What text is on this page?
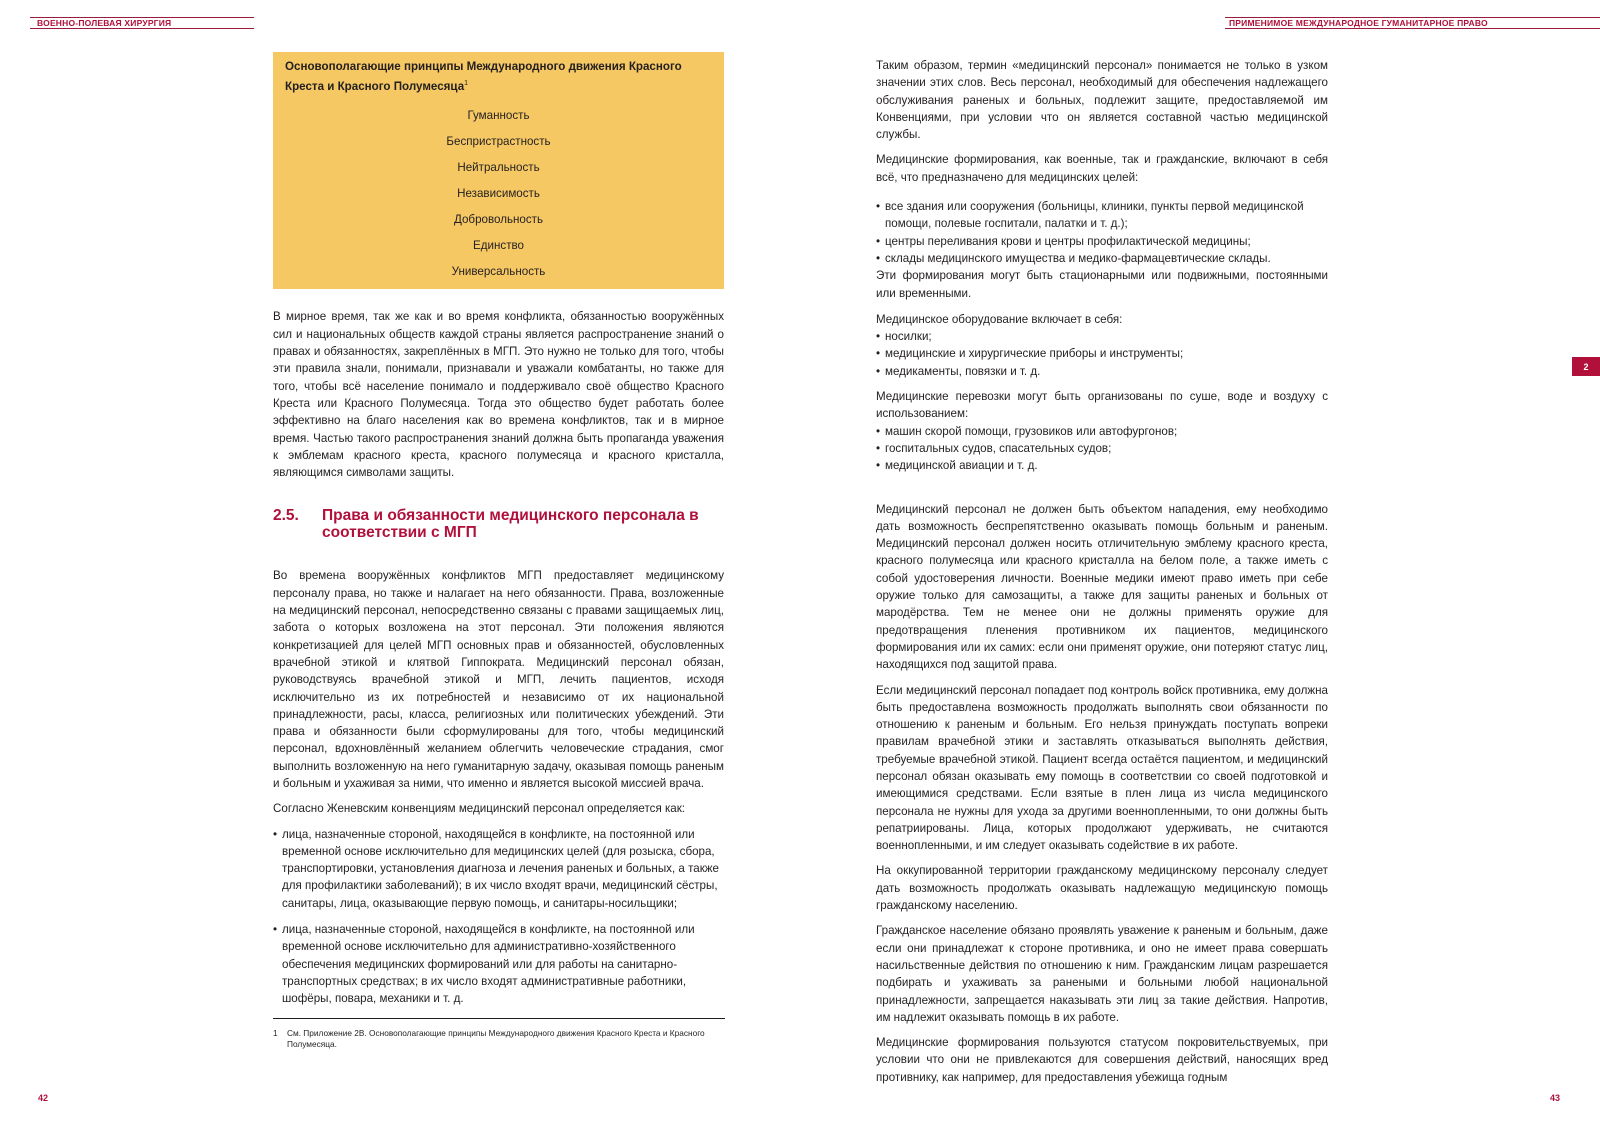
ВОЕННО-ПОЛЕВАЯ ХИРУРГИЯ	ПРИМЕНИМОЕ МЕЖДУНАРОДНОЕ ГУМАНИТАРНОЕ ПРАВО
2
Основополагающие принципы Международного движения Красного Креста и Красного Полумесяца$^1$
Гуманность
Беспристрастность
Нейтральность
Независимость
Добровольность
Единство
Универсальность

В мирное время, так же как и во время конфликта, обязанностью вооружённых сил и национальных обществ каждой страны является распространение знаний о правах и обязанностях, закреплённых в МГП. Это нужно не только для того, чтобы эти правила знали, понимали, признавали и уважали комбатанты, но также для того, чтобы всё население понимало и поддерживало своё общество Красного Креста или Красного Полумесяца. Тогда это общество будет работать более эффективно на благо населения как во времена конфликтов, так и в мирное время. Частью такого распространения знаний должна быть пропаганда уважения к эмблемам красного креста, красного полумесяца и красного кристалла, являющимся символами защиты.

2.5.	Права и обязанности медицинского персонала в соответствии с МГП

Во времена вооружённых конфликтов МГП предоставляет медицинскому персоналу права, но также и налагает на него обязанности. Права, возложенные на медицинский персонал, непосредственно связаны с правами защищаемых лиц, забота о которых возложена на этот персонал. Эти положения являются конкретизацией для целей МГП основных прав и обязанностей, обусловленных врачебной этикой и клятвой Гиппократа. Медицинский персонал обязан, руководствуясь врачебной этикой и МГП, лечить пациентов, исходя исключительно из их потребностей и независимо от их национальной принадлежности, расы, класса, религиозных или политических убеждений. Эти права и обязанности были сформулированы для того, чтобы медицинский персонал, вдохновлённый желанием облегчить человеческие страдания, смог выполнить возложенную на него гуманитарную задачу, оказывая помощь раненым и больным и ухаживая за ними, что именно и является высокой миссией врача.

Согласно Женевским конвенциям медицинский персонал определяется как:

• лица, назначенные стороной, находящейся в конфликте, на постоянной или временной основе исключительно для медицинских целей (для розыска, сбора, транспортировки, установления диагноза и лечения раненых и больных, а также для профилактики заболеваний); в их число входят врачи, медицинский сёстры, санитары, лица, оказывающие первую помощь, и санитары-носильщики;
• лица, назначенные стороной, находящейся в конфликте, на постоянной или временной основе исключительно для административно-хозяйственного обеспечения медицинских формирований или для работы на санитарно-транспортных средствах; в их число входят административные работники, шофёры, повара, механики и т. д.
1	См. Приложение 2В. Основополагающие принципы Международного движения Красного Креста и Красного Полумесяца.
42

Таким образом, термин «медицинский персонал» понимается не только в узком значении этих слов. Весь персонал, необходимый для обеспечения надлежащего обслуживания раненых и больных, подлежит защите, предоставляемой им Конвенциями, при условии что он является составной частью медицинской службы.

Медицинские формирования, как военные, так и гражданские, включают в себя всё, что предназначено для медицинских целей:

• все здания или сооружения (больницы, клиники, пункты первой медицинской помощи, полевые госпитали, палатки и т. д.);
• центры переливания крови и центры профилактической медицины;
• склады медицинского имущества и медико-фармацевтические склады.

Эти формирования могут быть стационарными или подвижными, постоянными или временными.

Медицинское оборудование включает в себя:

• носилки;
• медицинские и хирургические приборы и инструменты;
• медикаменты, повязки и т. д.

Медицинские перевозки могут быть организованы по суше, воде и воздуху с использованием:

• машин скорой помощи, грузовиков или автофургонов;
• госпитальных судов, спасательных судов;
• медицинской авиации и т. д.

Медицинский персонал не должен быть объектом нападения, ему необходимо дать возможность беспрепятственно оказывать помощь больным и раненым. Медицинский персонал должен носить отличительную эмблему красного креста, красного полумесяца или красного кристалла на белом поле, а также иметь с собой удостоверения личности. Военные медики имеют право иметь при себе оружие только для самозащиты, а также для защиты раненых и больных от мародёрства. Тем не менее они не должны применять оружие для предотвращения пленения противником их пациентов, медицинского формирования или их самих: если они применят оружие, они потеряют статус лиц, находящихся под защитой права.

Если медицинский персонал попадает под контроль войск противника, ему должна быть предоставлена возможность продолжать выполнять свои обязанности по отношению к раненым и больным. Его нельзя принуждать поступать вопреки правилам врачебной этики и заставлять отказываться выполнять действия, требуемые врачебной этикой. Пациент всегда остаётся пациентом, и медицинский персонал обязан оказывать ему помощь в соответствии со своей подготовкой и имеющимися средствами. Если взятые в плен лица из числа медицинского персонала не нужны для ухода за другими военнопленными, то они должны быть репатриированы. Лица, которых продолжают удерживать, не считаются военнопленными, и им следует оказывать содействие в их работе.

На оккупированной территории гражданскому медицинскому персоналу следует дать возможность продолжать оказывать надлежащую медицинскую помощь гражданскому населению.

Гражданское население обязано проявлять уважение к раненым и больным, даже если они принадлежат к стороне противника, и оно не имеет права совершать насильственные действия по отношению к ним. Гражданским лицам разрешается подбирать и ухаживать за ранеными и больными любой национальной принадлежности, запрещается наказывать эти лиц за такие действия. Напротив, им надлежит оказывать помощь в их работе.

Медицинские формирования пользуются статусом покровительствуемых, при условии что они не привлекаются для совершения действий, наносящих вред противнику, как например, для предоставления убежища годным

43
